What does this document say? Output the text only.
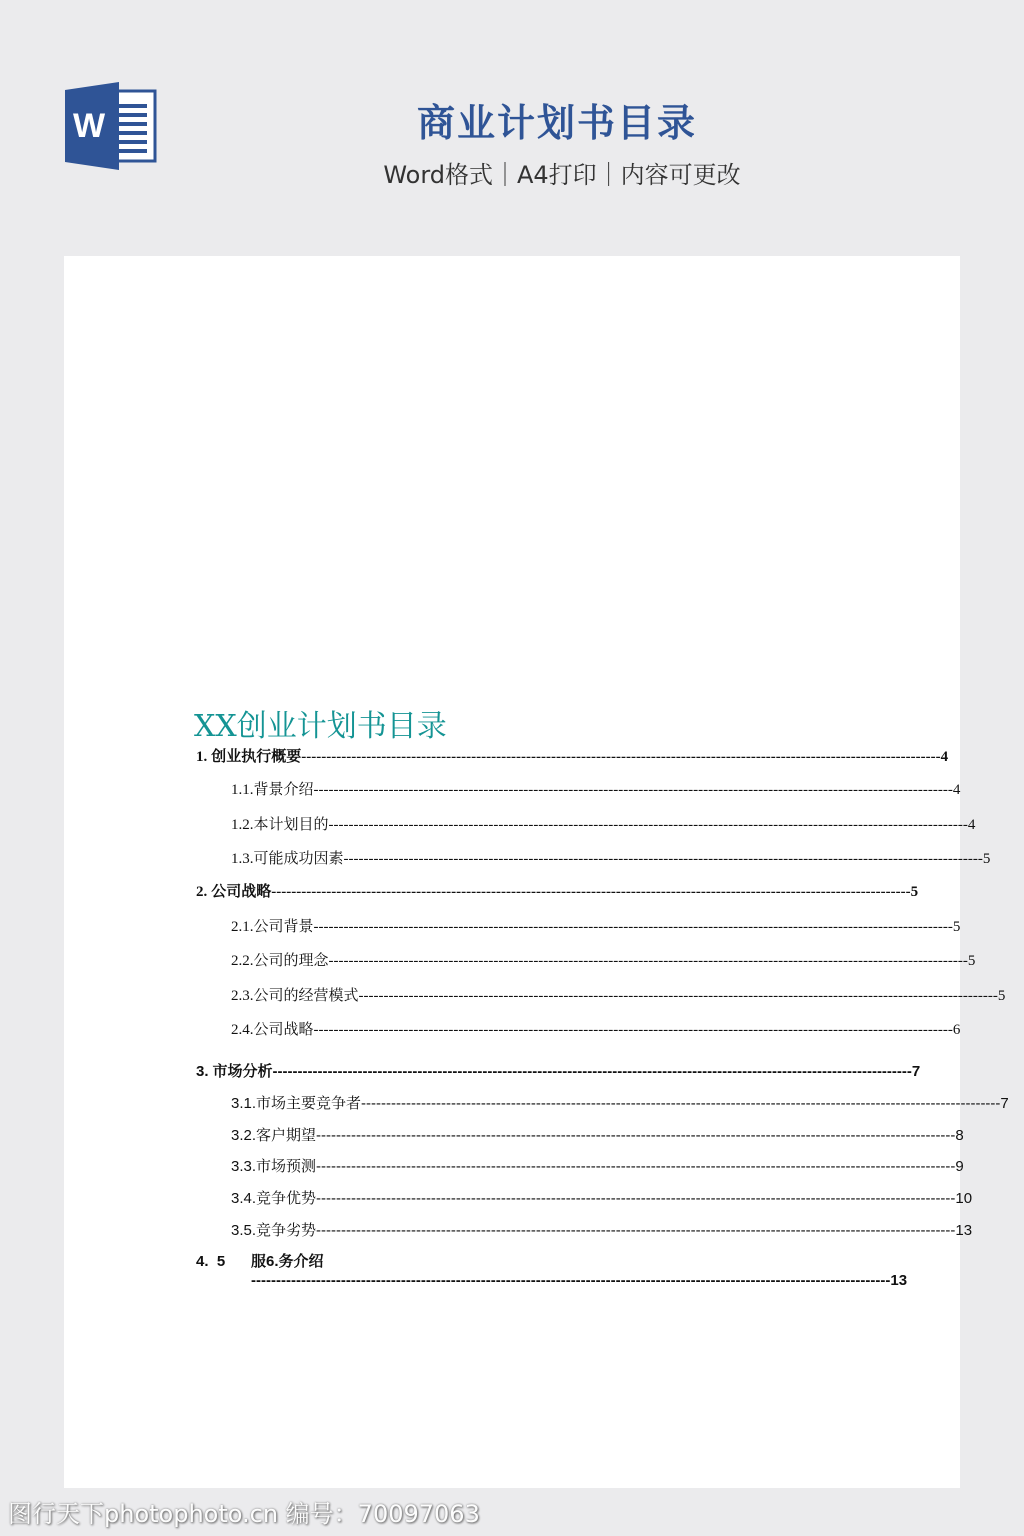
W	商业计划书目录
Word格式｜A4打印｜内容可更改
XX创业计划书目录
1. 创业执行概要 -------------------------------------------------------------------------------------------------------------------------------- 4
1.1. 背景介绍 -------------------------------------------------------------------------------------------------------------------------------- 4
1.2. 本计划目的 -------------------------------------------------------------------------------------------------------------------------------- 4
1.3. 可能成功因素 -------------------------------------------------------------------------------------------------------------------------------- 5
2. 公司战略 -------------------------------------------------------------------------------------------------------------------------------- 5
2.1. 公司背景 -------------------------------------------------------------------------------------------------------------------------------- 5
2.2. 公司的理念 -------------------------------------------------------------------------------------------------------------------------------- 5
2.3. 公司的经营模式 -------------------------------------------------------------------------------------------------------------------------------- 5
2.4. 公司战略 -------------------------------------------------------------------------------------------------------------------------------- 6
3. 市场分析 -------------------------------------------------------------------------------------------------------------------------------- 7
3.1. 市场主要竞争者 -------------------------------------------------------------------------------------------------------------------------------- 7
3.2. 客户期望 -------------------------------------------------------------------------------------------------------------------------------- 8
3.3. 市场预测 -------------------------------------------------------------------------------------------------------------------------------- 9
3.4. 竞争优势 -------------------------------------------------------------------------------------------------------------------------------- 10
3.5. 竞争劣势 -------------------------------------------------------------------------------------------------------------------------------- 13
4.  5	服6.务介绍
-------------------------------------------------------------------------------------------------------------------------------- 13
图行天下photophoto.cn 编号：70097063
